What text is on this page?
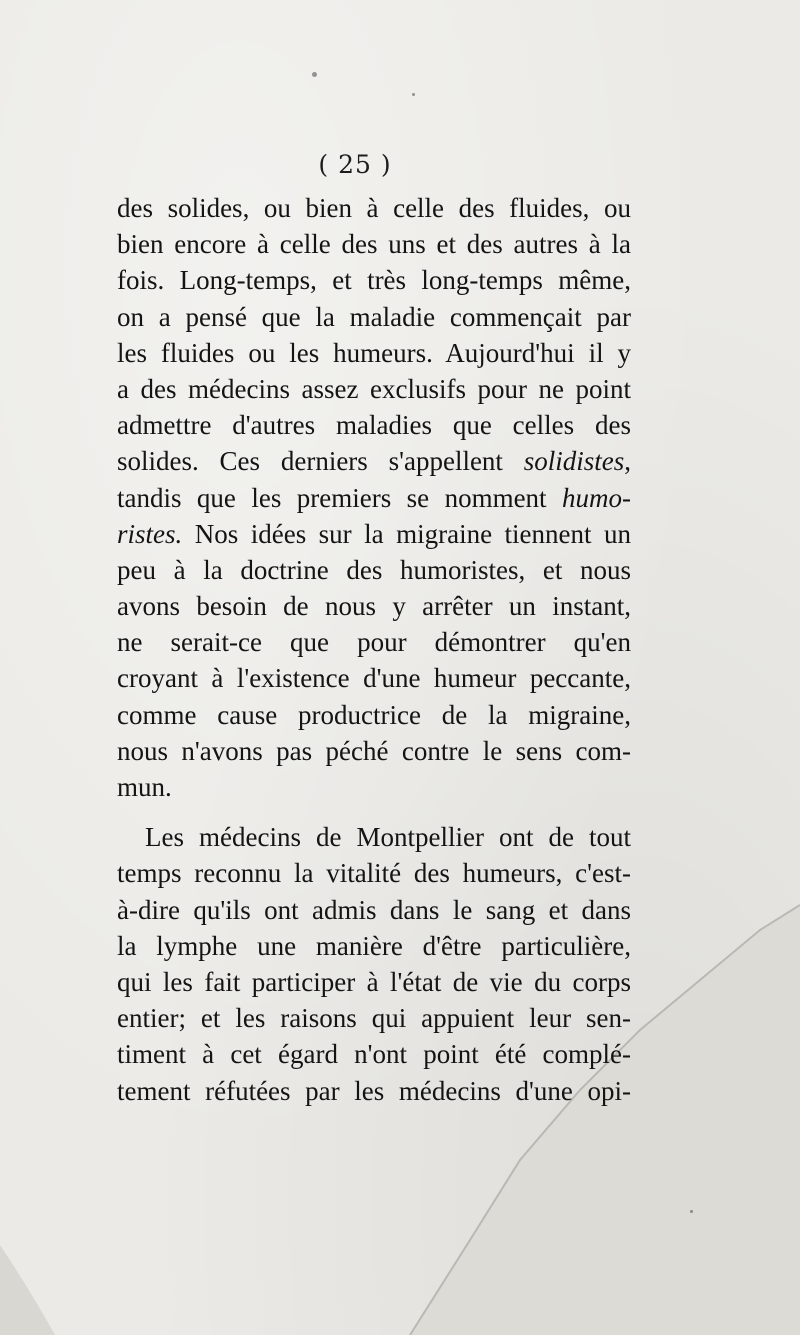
( 25 )
des solides, ou bien à celle des fluides, ou
bien encore à celle des uns et des autres à la
fois. Long-temps, et très long-temps même,
on a pensé que la maladie commençait par
les fluides ou les humeurs. Aujourd'hui il y
a des médecins assez exclusifs pour ne point
admettre d'autres maladies que celles des
solides. Ces derniers s'appellent solidistes,
tandis que les premiers se nomment humo-
ristes. Nos idées sur la migraine tiennent un
peu à la doctrine des humoristes, et nous
avons besoin de nous y arrêter un instant,
ne serait-ce que pour démontrer qu'en
croyant à l'existence d'une humeur peccante,
comme cause productrice de la migraine,
nous n'avons pas péché contre le sens com-
mun.
Les médecins de Montpellier ont de tout
temps reconnu la vitalité des humeurs, c'est-
à-dire qu'ils ont admis dans le sang et dans
la lymphe une manière d'être particulière,
qui les fait participer à l'état de vie du corps
entier; et les raisons qui appuient leur sen-
timent à cet égard n'ont point été complé-
tement réfutées par les médecins d'une opi-
